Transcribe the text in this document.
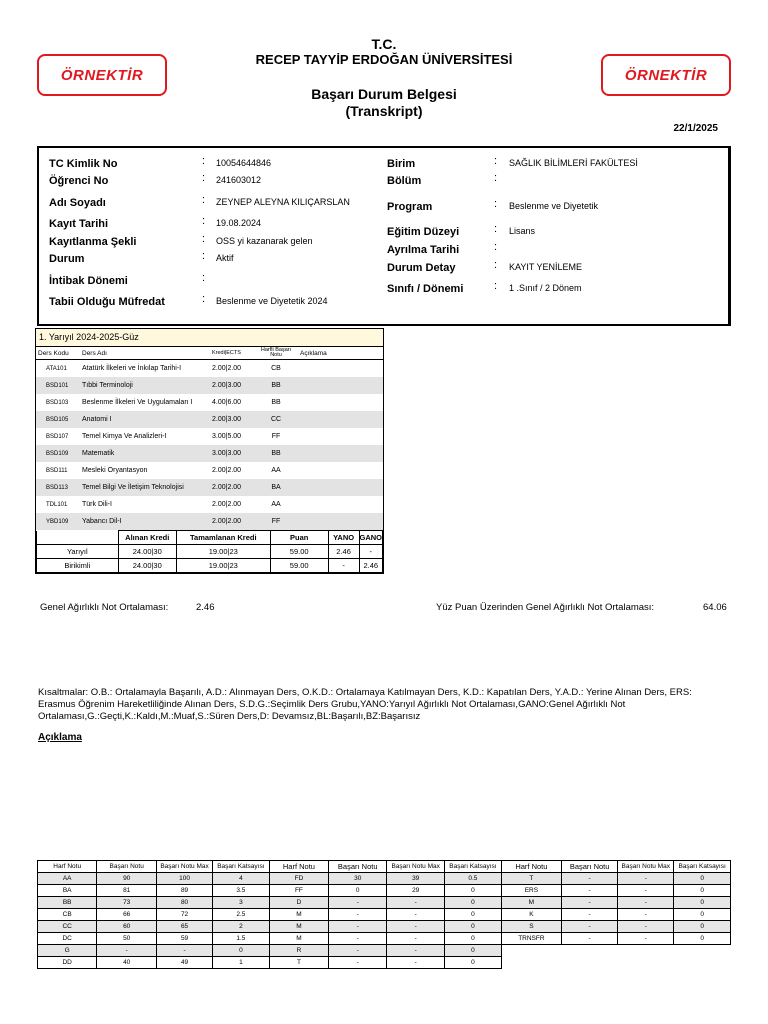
ÖRNEKTİR	ÖRNEKTİR
T.C.
RECEP TAYYİP ERDOĞAN ÜNİVERSİTESİ
Başarı Durum Belgesi
(Transkript)
22/1/2025
TC Kimlik No	: 10054644846
Öğrenci No	: 241603012
Adı Soyadı	: ZEYNEP ALEYNA KILIÇARSLAN
Kayıt Tarihi	: 19.08.2024
Kayıtlanma Şekli	: OSS yi kazanarak gelen
Durum	: Aktif
İntibak Dönemi	:
Tabii Olduğu Müfredat	: Beslenme ve Diyetetik 2024
Birim	: SAĞLIK BİLİMLERİ FAKÜLTESİ
Bölüm	:
Program	: Beslenme ve Diyetetik
Eğitim Düzeyi	: Lisans
Ayrılma Tarihi	:
Durum Detay	: KAYIT YENİLEME
Sınıfı / Dönemi	: 1 .Sınıf / 2 Dönem
1. Yarıyıl 2024-2025-Güz
Ders Kodu	Ders Adı	Kredi|ECTS	Harfli Başarı Notu	Açıklama
ATA101	Atatürk İlkeleri ve İnkılap Tarihi-I	2.00|2.00	CB	
BSD101	Tıbbi Terminoloji	2.00|3.00	BB	
BSD103	Beslenme İlkeleri Ve Uygulamaları I	4.00|6.00	BB	
BSD105	Anatomi I	2.00|3.00	CC	
BSD107	Temel Kimya Ve Analizleri-I	3.00|5.00	FF	
BSD109	Matematik	3.00|3.00	BB	
BSD111	Mesleki Oryantasyon	2.00|2.00	AA	
BSD113	Temel Bilgi Ve İletişim Teknolojisi	2.00|2.00	BA	
TDL101	Türk Dili-I	2.00|2.00	AA	
YBD109	Yabancı Dil-I	2.00|2.00	FF	
	Alınan Kredi	Tamamlanan Kredi	Puan	YANO	GANO
Yarıyıl	24.00|30	19.00|23	59.00	2.46	-
Birikimli	24.00|30	19.00|23	59.00	-	2.46
Genel Ağırlıklı Not Ortalaması:	2.46	Yüz Puan Üzerinden Genel Ağırlıklı Not Ortalaması:	64.06
Kısaltmalar: O.B.: Ortalamayla Başarılı, A.D.: Alınmayan Ders, O.K.D.: Ortalamaya Katılmayan Ders, K.D.: Kapatılan Ders, Y.A.D.: Yerine Alınan Ders, ERS: Erasmus Öğrenim Hareketliliğinde Alınan Ders, S.D.G.:Seçimlik Ders Grubu,YANO:Yarıyıl Ağırlıklı Not Ortalaması,GANO:Genel Ağırlıklı Not Ortalaması,G.:Geçti,K.:Kaldı,M.:Muaf,S.:Süren Ders,D: Devamsız,BL:Başarılı,BZ:Başarısız
Açıklama
Harf Notu	Başarı Notu	Başarı Notu Max	Başarı Katsayısı	Harf Notu	Başarı Notu	Başarı Notu Max	Başarı Katsayısı	Harf Notu	Başarı Notu	Başarı Notu Max	Başarı Katsayısı
AA	90	100	4	FD	30	39	0.5	T	-	-	0
BA	81	89	3.5	FF	0	29	0	ERS	-	-	0
BB	73	80	3	D	-	-	0	M	-	-	0
CB	66	72	2.5	M	-	-	0	K	-	-	0
CC	60	65	2	M	-	-	0	S	-	-	0
DC	50	59	1.5	M	-	-	0	TRNSFR	-	-	0
G	-	-	0	R	-	-	0				
DD	40	49	1	T	-	-	0				
